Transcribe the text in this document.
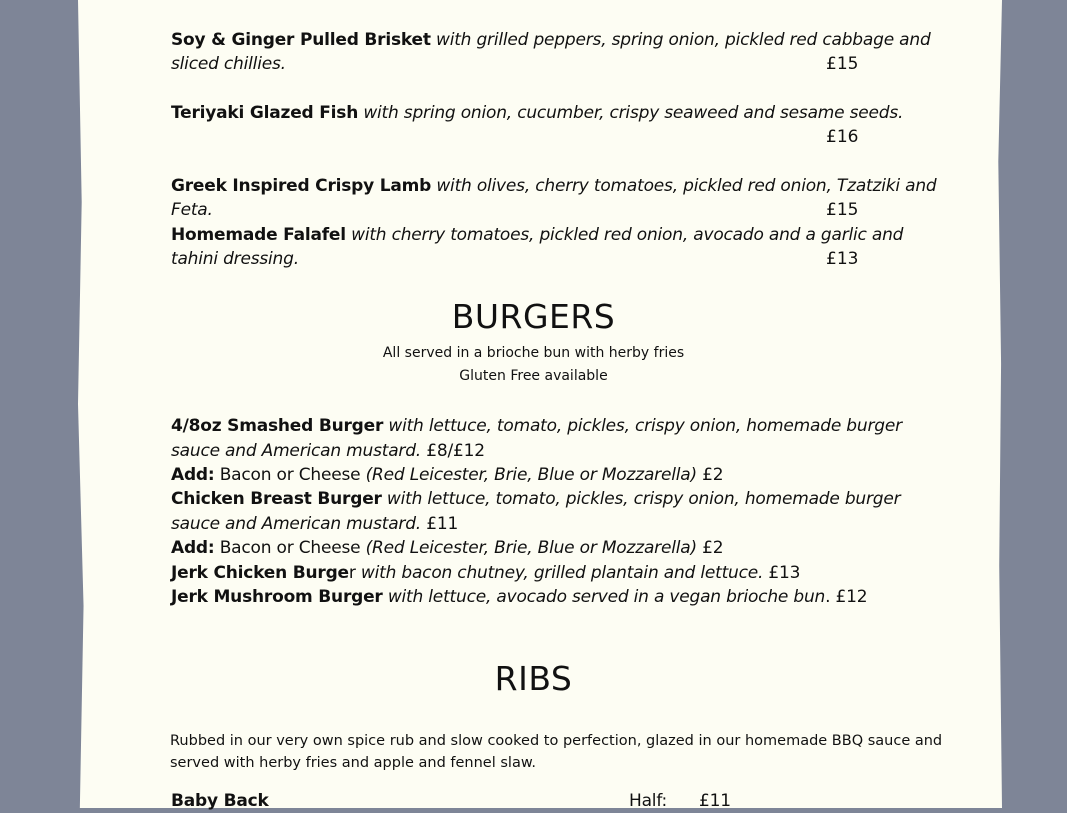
Soy & Ginger Pulled Brisket with grilled peppers, spring onion, pickled red cabbage and
sliced chillies.	£15
Teriyaki Glazed Fish with spring onion, cucumber, crispy seaweed and sesame seeds.
£16
Greek Inspired Crispy Lamb with olives, cherry tomatoes, pickled red onion, Tzatziki and
Feta.	£15
Homemade Falafel with cherry tomatoes, pickled red onion, avocado and a garlic and
tahini dressing.	£13
BURGERS
All served in a brioche bun with herby fries
Gluten Free available
4/8oz Smashed Burger with lettuce, tomato, pickles, crispy onion, homemade burger
sauce and American mustard. £8/£12
Add: Bacon or Cheese (Red Leicester, Brie, Blue or Mozzarella) £2
Chicken Breast Burger with lettuce, tomato, pickles, crispy onion, homemade burger
sauce and American mustard. £11
Add: Bacon or Cheese (Red Leicester, Brie, Blue or Mozzarella) £2
Jerk Chicken Burger with bacon chutney, grilled plantain and lettuce. £13
Jerk Mushroom Burger with lettuce, avocado served in a vegan brioche bun. £12
RIBS
Rubbed in our very own spice rub and slow cooked to perfection, glazed in our homemade BBQ sauce and
served with herby fries and apple and fennel slaw.
Baby Back	Half: £11
